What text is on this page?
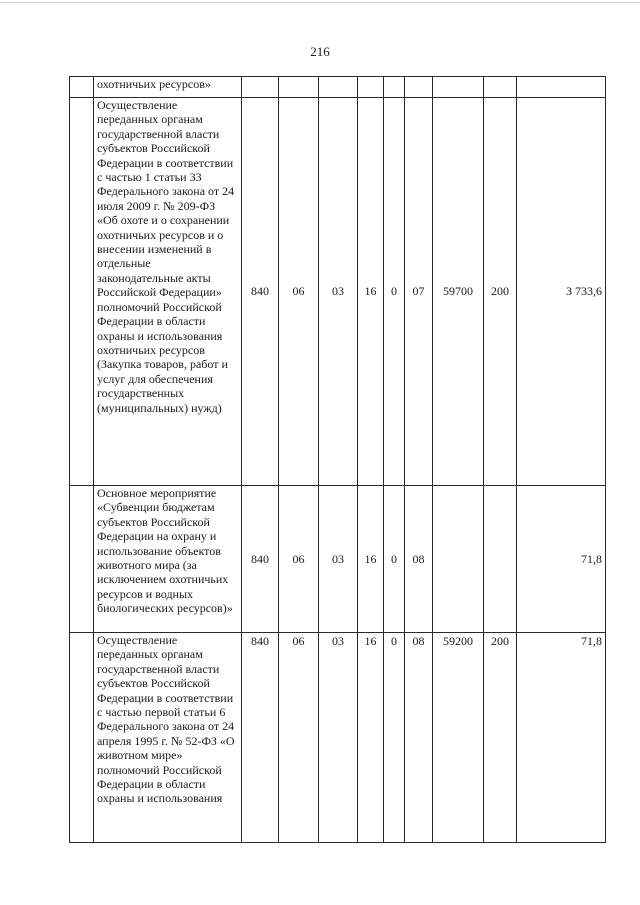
216
	охотничьих ресурсов»									
	Осуществление переданных органам государственной власти субъектов Российской Федерации в соответствии с частью 1 статьи 33 Федерального закона от 24 июля 2009 г. № 209-ФЗ «Об охоте и о сохранении охотничьих ресурсов и о внесении изменений в отдельные законодательные акты Российской Федерации» полномочий Российской Федерации в области охраны и использования охотничьих ресурсов (Закупка товаров, работ и услуг для обеспечения государственных (муниципальных) нужд)	840	06	03	16	0	07	59700	200	3 733,6
	Основное мероприятие «Субвенции бюджетам субъектов Российской Федерации на охрану и использование объектов животного мира (за исключением охотничьих ресурсов и водных биологических ресурсов)»	840	06	03	16	0	08			71,8
	Осуществление переданных органам государственной власти субъектов Российской Федерации в соответствии с частью первой статьи 6 Федерального закона от 24 апреля 1995 г. № 52-ФЗ «О животном мире» полномочий Российской Федерации в области охраны и использования	840	06	03	16	0	08	59200	200	71,8
